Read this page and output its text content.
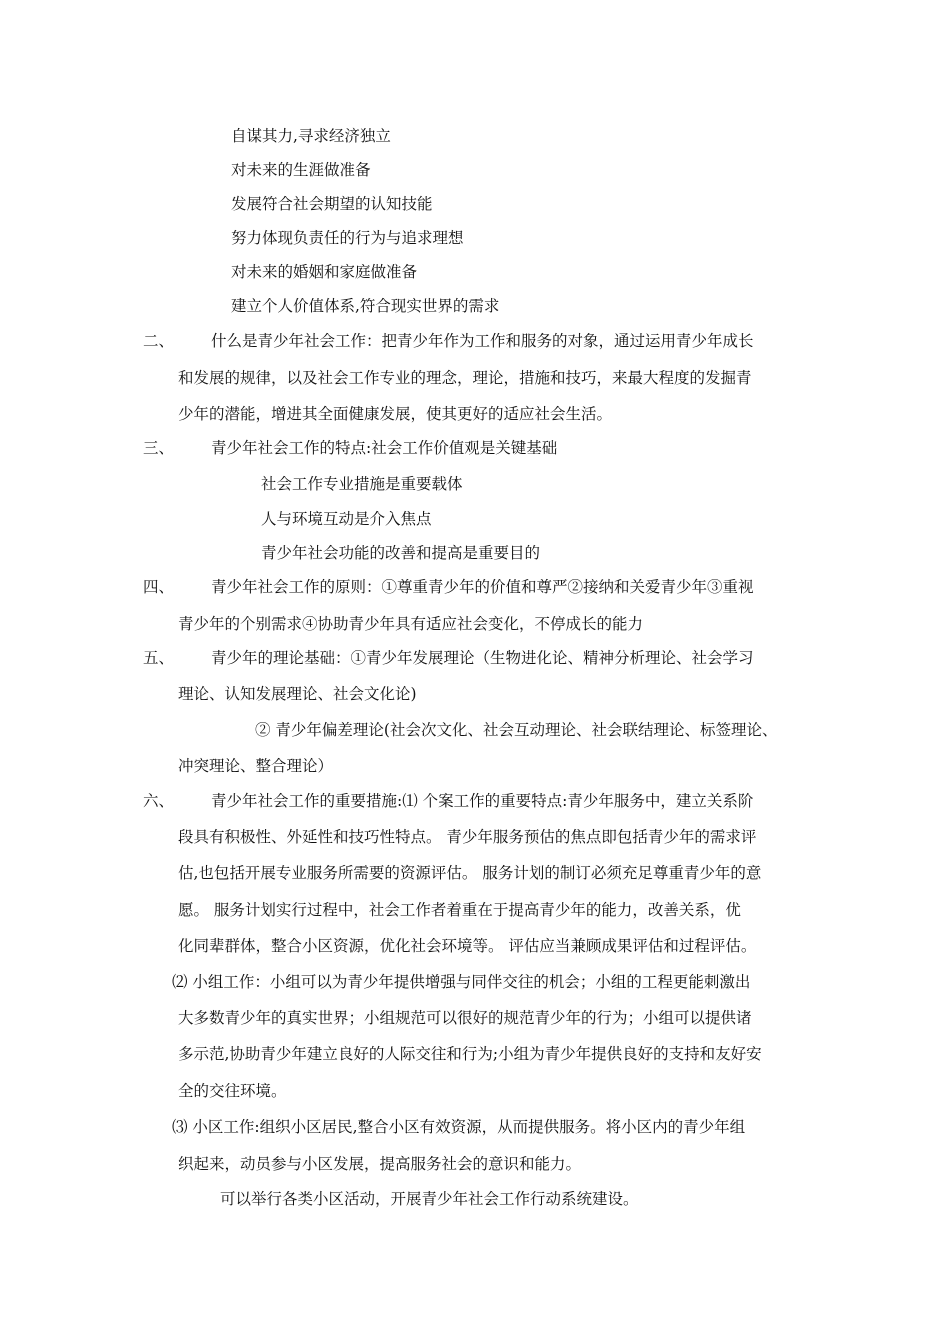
自谋其力,寻求经济独立
对未来的生涯做准备
发展符合社会期望的认知技能
努力体现负责任的行为与追求理想
对未来的婚姻和家庭做准备
建立个人价值体系,符合现实世界的需求
二、 什么是青少年社会工作：把青少年作为工作和服务的对象，通过运用青少年成长
和发展的规律，以及社会工作专业的理念，理论，措施和技巧，来最大程度的发掘青
少年的潜能，增进其全面健康发展，使其更好的适应社会生活。
三、 青少年社会工作的特点:社会工作价值观是关键基础
社会工作专业措施是重要载体
人与环境互动是介入焦点
青少年社会功能的改善和提高是重要目的
四、 青少年社会工作的原则：①尊重青少年的价值和尊严②接纳和关爱青少年③重视
青少年的个别需求④协助青少年具有适应社会变化，不停成长的能力
五、 青少年的理论基础：①青少年发展理论（生物进化论、精神分析理论、社会学习
理论、认知发展理论、社会文化论)
② 青少年偏差理论(社会次文化、社会互动理论、社会联结理论、标签理论、
冲突理论、整合理论）
六、 青少年社会工作的重要措施:⑴ 个案工作的重要特点:青少年服务中，建立关系阶
段具有积极性、外延性和技巧性特点。 青少年服务预估的焦点即包括青少年的需求评
估,也包括开展专业服务所需要的资源评估。 服务计划的制订必须充足尊重青少年的意
愿。 服务计划实行过程中，社会工作者着重在于提高青少年的能力，改善关系，优
化同辈群体，整合小区资源，优化社会环境等。 评估应当兼顾成果评估和过程评估。
⑵ 小组工作：小组可以为青少年提供增强与同伴交往的机会；小组的工程更能刺激出
大多数青少年的真实世界；小组规范可以很好的规范青少年的行为；小组可以提供诸
多示范,协助青少年建立良好的人际交往和行为;小组为青少年提供良好的支持和友好安
全的交往环境。
⑶ 小区工作:组织小区居民,整合小区有效资源，从而提供服务。将小区内的青少年组
织起来，动员参与小区发展，提高服务社会的意识和能力。
可以举行各类小区活动，开展青少年社会工作行动系统建设。
